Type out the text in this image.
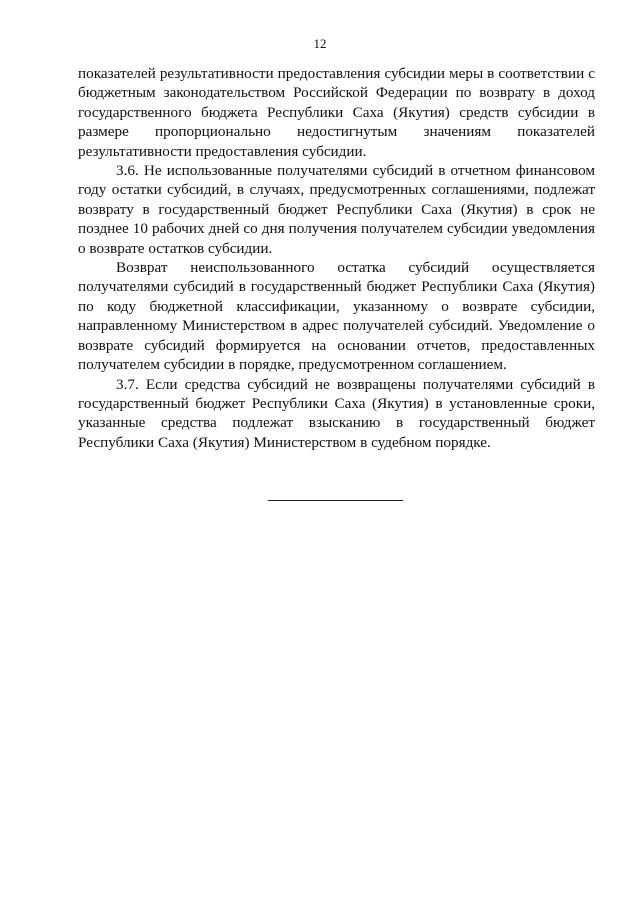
12

показателей результативности предоставления субсидии меры в соответствии с бюджетным законодательством Российской Федерации по возврату в доход государственного бюджета Республики Саха (Якутия) средств субсидии в размере пропорционально недостигнутым значениям показателей результативности предоставления субсидии.

3.6. Не использованные получателями субсидий в отчетном финансовом году остатки субсидий, в случаях, предусмотренных соглашениями, подлежат возврату в государственный бюджет Республики Саха (Якутия) в срок не позднее 10 рабочих дней со дня получения получателем субсидии уведомления о возврате остатков субсидии.

Возврат неиспользованного остатка субсидий осуществляется получателями субсидий в государственный бюджет Республики Саха (Якутия) по коду бюджетной классификации, указанному о возврате субсидии, направленному Министерством в адрес получателей субсидий. Уведомление о возврате субсидий формируется на основании отчетов, предоставленных получателем субсидии в порядке, предусмотренном соглашением.

3.7. Если средства субсидий не возвращены получателями субсидий в государственный бюджет Республики Саха (Якутия) в установленные сроки, указанные средства подлежат взысканию в государственный бюджет Республики Саха (Якутия) Министерством в судебном порядке.
